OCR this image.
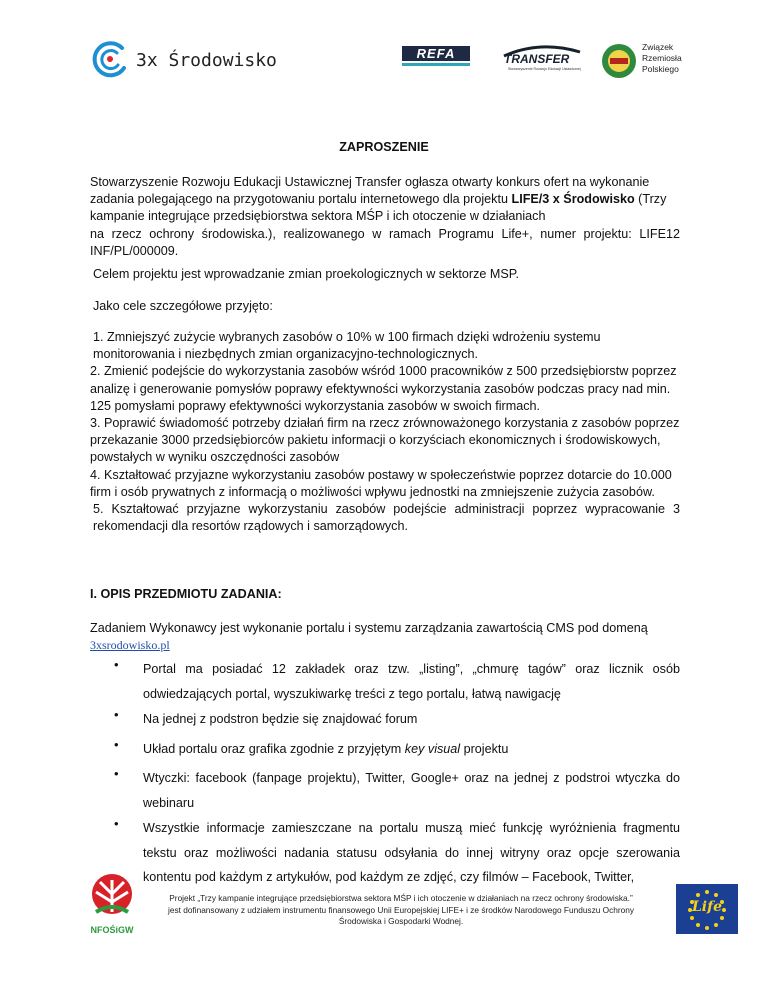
3x Środowisko	REFA	TRANSFER
Stowarzyszenie Rozwoju Edukacji Ustawicznej
Związek
Rzemiosła
Polskiego
ZAPROSZENIE
Stowarzyszenie Rozwoju Edukacji Ustawicznej Transfer ogłasza otwarty konkurs ofert na wykonanie zadania polegającego na przygotowaniu portalu internetowego dla projektu LIFE/3 x Środowisko (Trzy kampanie integrujące przedsiębiorstwa sektora MŚP i ich otoczenie w działaniach

na rzecz ochrony środowiska.), realizowanego w ramach Programu Life+, numer projektu: LIFE12 INF/PL/000009.
Celem projektu jest wprowadzanie zmian proekologicznych w sektorze MSP.
Jako cele szczegółowe przyjęto:
1. Zmniejszyć zużycie wybranych zasobów o 10% w 100 firmach dzięki wdrożeniu systemu monitorowania i niezbędnych zmian organizacyjno-technologicznych.
2. Zmienić podejście do wykorzystania zasobów wśród 1000 pracowników z 500 przedsiębiorstw poprzez analizę i generowanie pomysłów poprawy efektywności wykorzystania zasobów podczas pracy nad min. 125 pomysłami poprawy efektywności wykorzystania zasobów w swoich firmach.
3. Poprawić świadomość potrzeby działań firm na rzecz zrównoważonego korzystania z zasobów poprzez przekazanie 3000 przedsiębiorców pakietu informacji o korzyściach ekonomicznych i środowiskowych, powstałych w wyniku oszczędności zasobów
4. Kształtować przyjazne wykorzystaniu zasobów postawy w społeczeństwie poprzez dotarcie do 10.000 firm i osób prywatnych z informacją o możliwości wpływu jednostki na zmniejszenie zużycia zasobów.
5. Kształtować przyjazne wykorzystaniu zasobów podejście administracji poprzez wypracowanie 3 rekomendacji dla resortów rządowych i samorządowych.
I. OPIS PRZEDMIOTU ZADANIA:
Zadaniem Wykonawcy jest wykonanie portalu i systemu zarządzania zawartością CMS pod domeną
3xsrodowisko.pl
• Portal ma posiadać 12 zakładek oraz tzw. „listing”, „chmurę tagów” oraz licznik osób odwiedzających portal, wyszukiwarkę treści z tego portalu, łatwą nawigację
• Na jednej z podstron będzie się znajdować forum
• Układ portalu oraz grafika zgodnie z przyjętym key visual projektu
• Wtyczki: facebook (fanpage projektu), Twitter, Google+ oraz na jednej z podstroi wtyczka do webinaru
• Wszystkie informacje zamieszczane na portalu muszą mieć funkcję wyróżnienia fragmentu tekstu oraz możliwości nadania statusu odsyłania do innej witryny oraz opcje szerowania kontentu pod każdym z artykułów, pod każdym ze zdjęć, czy filmów – Facebook, Twitter,
NFOŚiGW
Projekt „Trzy kampanie integrujące przedsiębiorstwa sektora MŚP i ich otoczenie w działaniach na rzecz ochrony środowiska.”
jest dofinansowany z udziałem instrumentu finansowego Unii Europejskiej LIFE+ i ze środków Narodowego Funduszu Ochrony Środowiska i Gospodarki Wodnej.
Life
